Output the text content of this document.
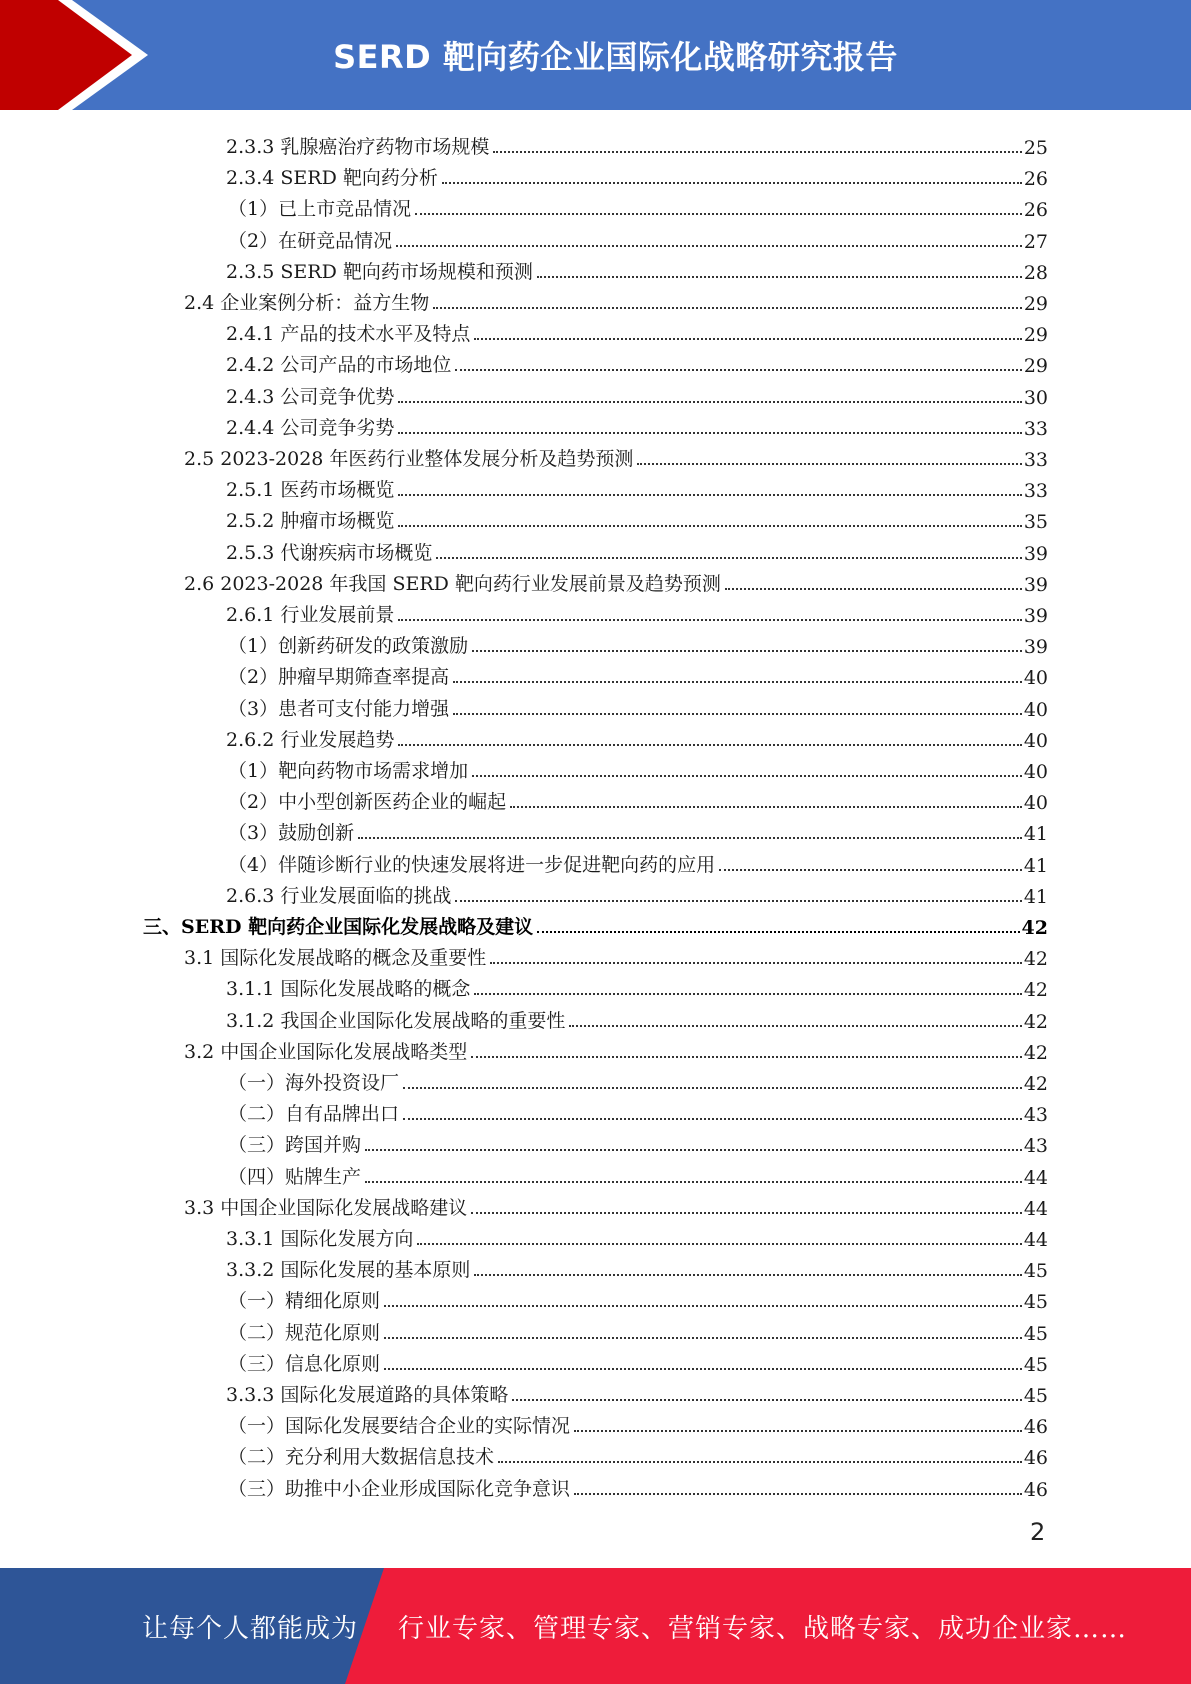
SERD 靶向药企业国际化战略研究报告
2.3.3 乳腺癌治疗药物市场规模	25
2.3.4 SERD 靶向药分析	26
（1）已上市竞品情况	26
（2）在研竞品情况	27
2.3.5 SERD 靶向药市场规模和预测	28
2.4 企业案例分析：益方生物	29
2.4.1 产品的技术水平及特点	29
2.4.2 公司产品的市场地位	29
2.4.3 公司竞争优势	30
2.4.4 公司竞争劣势	33
2.5 2023-2028 年医药行业整体发展分析及趋势预测	33
2.5.1 医药市场概览	33
2.5.2 肿瘤市场概览	35
2.5.3 代谢疾病市场概览	39
2.6 2023-2028 年我国 SERD 靶向药行业发展前景及趋势预测	39
2.6.1 行业发展前景	39
（1）创新药研发的政策激励	39
（2）肿瘤早期筛查率提高	40
（3）患者可支付能力增强	40
2.6.2 行业发展趋势	40
（1）靶向药物市场需求增加	40
（2）中小型创新医药企业的崛起	40
（3）鼓励创新	41
（4）伴随诊断行业的快速发展将进一步促进靶向药的应用	41
2.6.3 行业发展面临的挑战	41
三、SERD 靶向药企业国际化发展战略及建议	42
3.1 国际化发展战略的概念及重要性	42
3.1.1 国际化发展战略的概念	42
3.1.2 我国企业国际化发展战略的重要性	42
3.2 中国企业国际化发展战略类型	42
（一）海外投资设厂	42
（二）自有品牌出口	43
（三）跨国并购	43
（四）贴牌生产	44
3.3 中国企业国际化发展战略建议	44
3.3.1 国际化发展方向	44
3.3.2 国际化发展的基本原则	45
（一）精细化原则	45
（二）规范化原则	45
（三）信息化原则	45
3.3.3 国际化发展道路的具体策略	45
（一）国际化发展要结合企业的实际情况	46
（二）充分利用大数据信息技术	46
（三）助推中小企业形成国际化竞争意识	46
2
让每个人都能成为 行业专家、管理专家、营销专家、战略专家、成功企业家……
